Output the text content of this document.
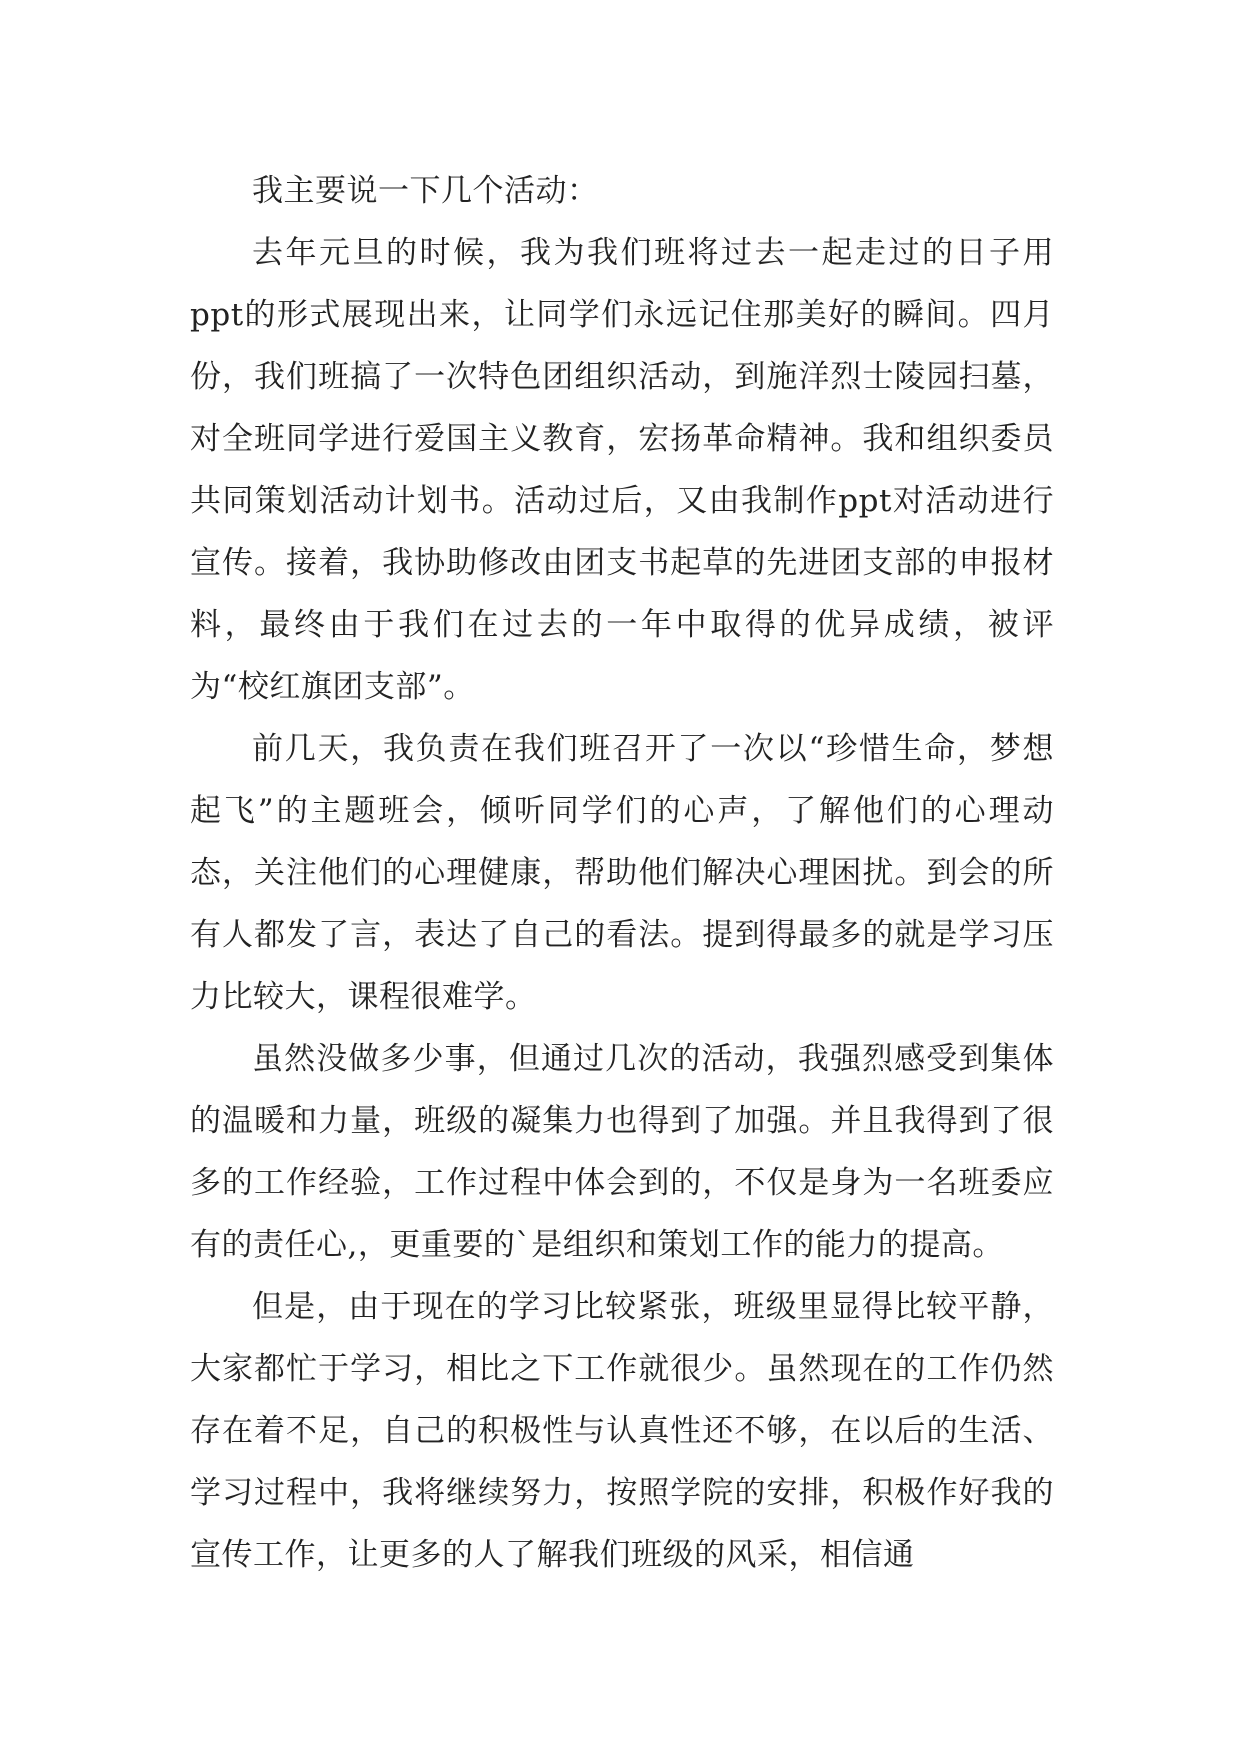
我主要说一下几个活动：

去年元旦的时候，我为我们班将过去一起走过的日子用ppt的形式展现出来，让同学们永远记住那美好的瞬间。四月份，我们班搞了一次特色团组织活动，到施洋烈士陵园扫墓，对全班同学进行爱国主义教育，宏扬革命精神。我和组织委员共同策划活动计划书。活动过后，又由我制作ppt对活动进行宣传。接着，我协助修改由团支书起草的先进团支部的申报材料，最终由于我们在过去的一年中取得的优异成绩，被评为“校红旗团支部”。

前几天，我负责在我们班召开了一次以“珍惜生命，梦想起飞”的主题班会，倾听同学们的心声，了解他们的心理动态，关注他们的心理健康，帮助他们解决心理困扰。到会的所有人都发了言，表达了自己的看法。提到得最多的就是学习压力比较大，课程很难学。

虽然没做多少事，但通过几次的活动，我强烈感受到集体的温暖和力量，班级的凝集力也得到了加强。并且我得到了很多的工作经验，工作过程中体会到的，不仅是身为一名班委应有的责任心,，更重要的`是组织和策划工作的能力的提高。

但是，由于现在的学习比较紧张，班级里显得比较平静，大家都忙于学习，相比之下工作就很少。虽然现在的工作仍然存在着不足，自己的积极性与认真性还不够，在以后的生活、学习过程中，我将继续努力，按照学院的安排，积极作好我的宣传工作，让更多的人了解我们班级的风采，相信通
